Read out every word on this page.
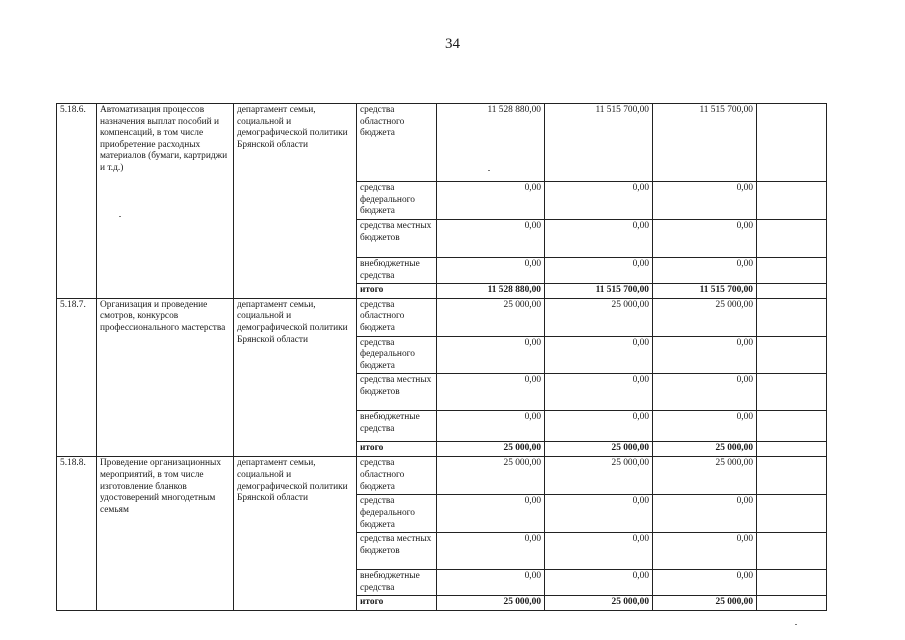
34
5.18.6.	Автоматизация процессов назначения выплат пособий и компенсаций, в том числе приобретение расходных материалов (бумаги, картриджи и т.д.)	департамент семьи, социальной и демографической политики Брянской области	средства областного бюджета	11 528 880,00	11 515 700,00	11 515 700,00	
			средства федерального бюджета	0,00	0,00	0,00	
			средства местных бюджетов	0,00	0,00	0,00	
			внебюджетные средства	0,00	0,00	0,00	
			итого	11 528 880,00	11 515 700,00	11 515 700,00	
5.18.7.	Организация и проведение смотров, конкурсов профессионального мастерства	департамент семьи, социальной и демографической политики Брянской области	средства областного бюджета	25 000,00	25 000,00	25 000,00	
			средства федерального бюджета	0,00	0,00	0,00	
			средства местных бюджетов	0,00	0,00	0,00	
			внебюджетные средства	0,00	0,00	0,00	
			итого	25 000,00	25 000,00	25 000,00	
5.18.8.	Проведение организационных мероприятий, в том числе изготовление бланков удостоверений многодетным семьям	департамент семьи, социальной и демографической политики Брянской области	средства областного бюджета	25 000,00	25 000,00	25 000,00	
			средства федерального бюджета	0,00	0,00	0,00	
			средства местных бюджетов	0,00	0,00	0,00	
			внебюджетные средства	0,00	0,00	0,00	
			итого	25 000,00	25 000,00	25 000,00	
